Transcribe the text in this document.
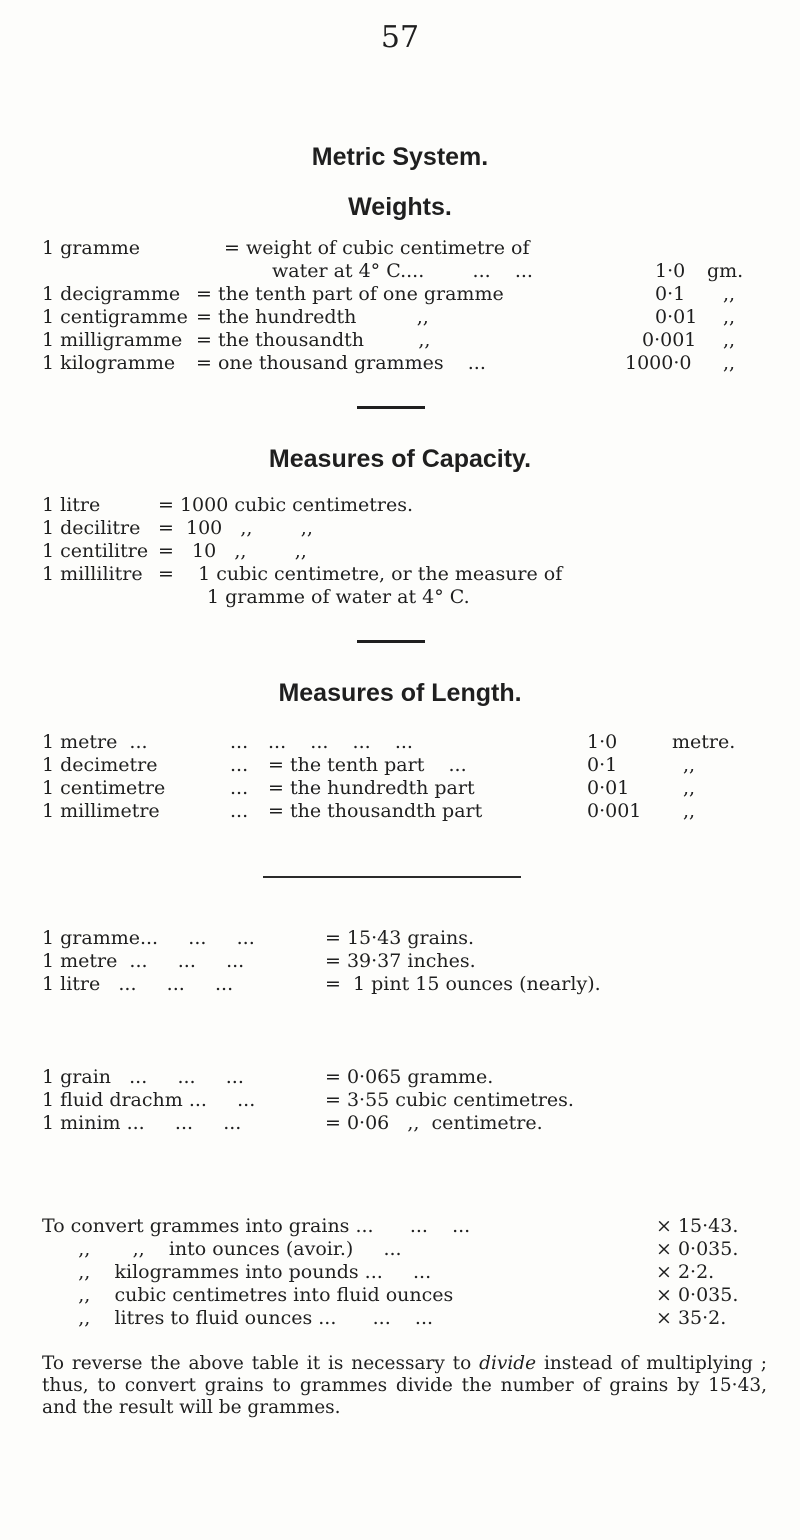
57
Metric System.
Weights.
1 gramme	= weight of cubic centimetre of
water at 4° C....        ...    ...	1·0 gm.
1 decigramme = the tenth part of one gramme	0·1 ,,
1 centigramme = the hundredth          ,,	0·01 ,,
1 milligramme = the thousandth         ,,	0·001 ,,
1 kilogramme = one thousand grammes    ...	1000·0 ,,
Measures of Capacity.
1 litre	= 1000 cubic centimetres.
1 decilitre =  100   ,,        ,,
1 centilitre =   10   ,,        ,,
1 millilitre =    1 cubic centimetre, or the measure of
1 gramme of water at 4° C.
Measures of Length.
1 metre  ...	... ...    ...    ...    ...	1·0	metre.
1 decimetre	... = the tenth part    ...	0·1	,,
1 centimetre	... = the hundredth part	0·01	,,
1 millimetre	... = the thousandth part	0·001 ,,
1 gramme...     ...     ...	= 15·43 grains.
1 metre  ...     ...     ...	= 39·37 inches.
1 litre   ...     ...     ...	=  1 pint 15 ounces (nearly).
1 grain   ...     ...     ...	= 0·065 gramme.
1 fluid drachm ...     ...	= 3·55 cubic centimetres.
1 minim ...     ...     ...	= 0·06   ,,  centimetre.
To convert grammes into grains ...      ...    ...	× 15·43.
,,       ,,    into ounces (avoir.)     ...	× 0·035.
,,    kilogrammes into pounds ...     ...	× 2·2.
,,    cubic centimetres into fluid ounces	× 0·035.
,,    litres to fluid ounces ...      ...    ...	× 35·2.
To reverse the above table it is necessary to divide instead of multiplying ; thus, to convert grains to grammes divide the number of grains by 15·43, and the result will be grammes.
